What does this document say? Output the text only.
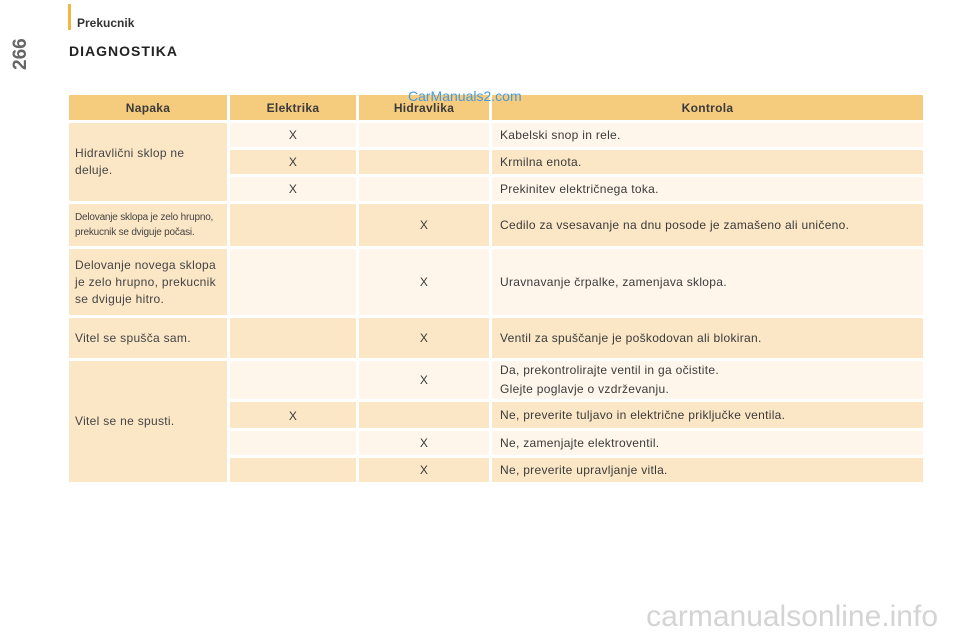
Prekucnik
266	DIAGNOSTIKA
Napaka	Elektrika	Hidravlika	Kontrola
Hidravlični sklop ne deluje.	X		Kabelski snop in rele.
	X		Krmilna enota.
	X		Prekinitev električnega toka.
Delovanje sklopa je zelo hrupno, prekucnik se dviguje počasi.		X	Cedilo za vsesavanje na dnu posode je zamašeno ali uničeno.
Delovanje novega sklopa je zelo hrupno, prekucnik se dviguje hitro.		X	Uravnavanje črpalke, zamenjava sklopa.
Vitel se spušča sam.		X	Ventil za spuščanje je poškodovan ali blokiran.
Vitel se ne spusti.		X	Da, prekontrolirajte ventil in ga očistite.
Glejte poglavje o vzdrževanju.

	X		Ne, preverite tuljavo in električne priključke ventila.
		X	Ne, zamenjajte elektroventil.
		X	Ne, preverite upravljanje vitla.
CarManuals2.com
carmanualsonline.info
